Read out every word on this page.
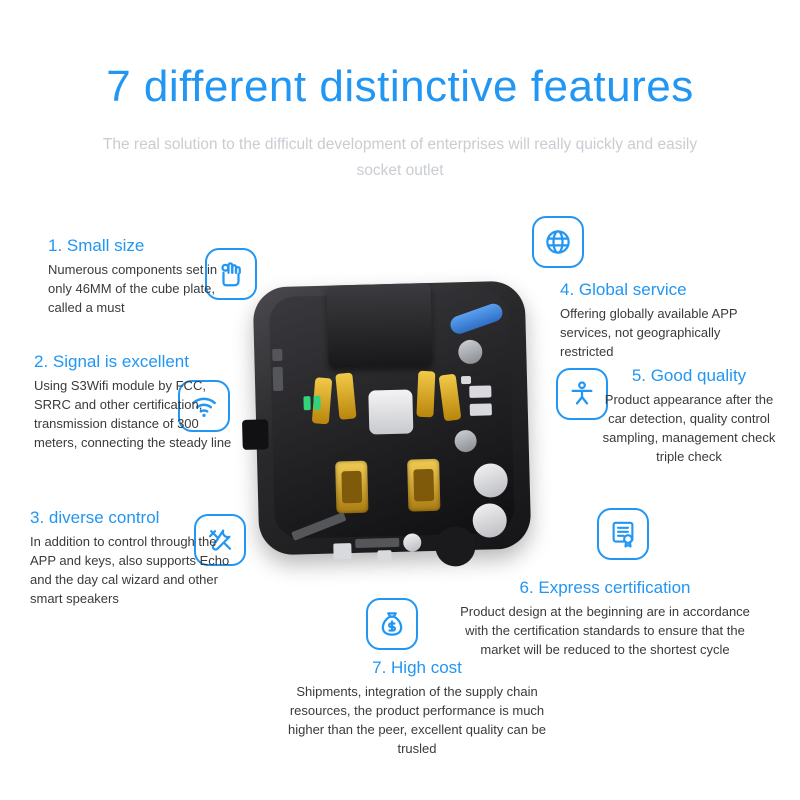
7 different distinctive features
The real solution to the difficult development of enterprises will really quickly and easily socket outlet
1. Small size
Numerous components set in only 46MM of the cube plate, called a must
2. Signal is excellent
Using S3Wifi module by FCC, SRRC and other certification, transmission distance of 300 meters, connecting the steady line
3. diverse control
In addition to control through the APP and keys, also supports Echo and the day cal wizard and other smart speakers
4. Global service
Offering globally available APP services, not geographically restricted
5. Good quality
Product appearance after the car detection, quality control sampling, management check triple check
6. Express certification
Product design at the beginning are in accordance with the certification standards to ensure that the market will be reduced to the shortest cycle
7. High cost
Shipments, integration of the supply chain resources, the product performance is much higher than the peer, excellent quality can be trusled
